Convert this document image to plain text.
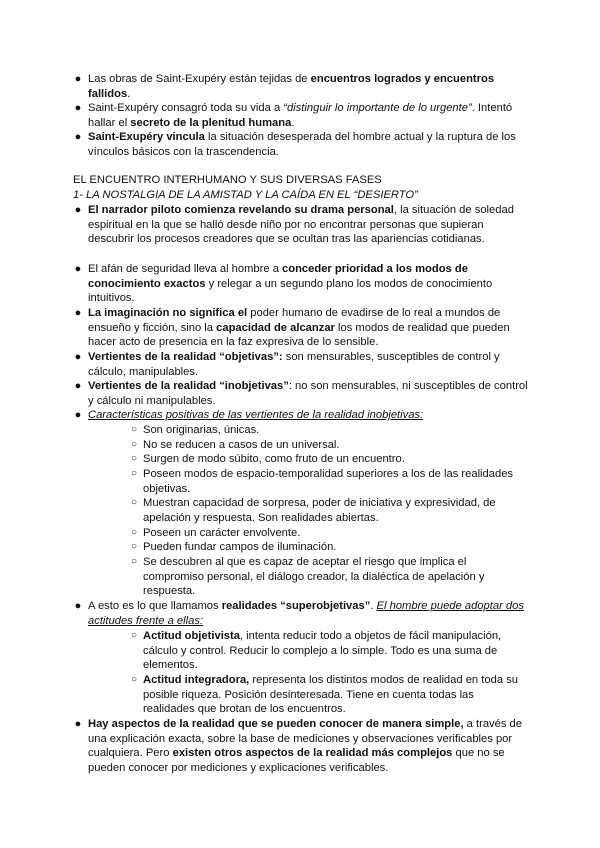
● Las obras de Saint-Exupéry están tejidas de encuentros logrados y encuentros fallidos.
● Saint-Exupéry consagró toda su vida a “distinguir lo importante de lo urgente”. Intentó hallar el secreto de la plenitud humana.
● Saint-Exupéry vincula la situación desesperada del hombre actual y la ruptura de los vínculos básicos con la trascendencia.
EL ENCUENTRO INTERHUMANO Y SUS DIVERSAS FASES
1- LA NOSTALGIA DE LA AMISTAD Y LA CAÍDA EN EL “DESIERTO”
● El narrador piloto comienza revelando su drama personal, la situación de soledad espiritual en la que se halló desde niño por no encontrar personas que supieran descubrir los procesos creadores que se ocultan tras las apariencias cotidianas.
● El afán de seguridad lleva al hombre a conceder prioridad a los modos de conocimiento exactos y relegar a un segundo plano los modos de conocimiento intuitivos.
● La imaginación no significa el poder humano de evadirse de lo real a mundos de ensueño y ficción, sino la capacidad de alcanzar los modos de realidad que pueden hacer acto de presencia en la faz expresiva de lo sensible.
● Vertientes de la realidad “objetivas”: son mensurables, susceptibles de control y cálculo, manipulables.
● Vertientes de la realidad “inobjetivas”: no son mensurables, ni susceptibles de control y cálculo ni manipulables.
● Características positivas de las vertientes de la realidad inobjetivas:
○ Son originarias, únicas.
○ No se reducen a casos de un universal.
○ Surgen de modo súbito, como fruto de un encuentro.
○ Poseen modos de espacio-temporalidad superiores a los de las realidades objetivas.
○ Muestran capacidad de sorpresa, poder de iniciativa y expresividad, de apelación y respuesta. Son realidades abiertas.
○ Poseen un carácter envolvente.
○ Pueden fundar campos de iluminación.
○ Se descubren al que es capaz de aceptar el riesgo que implica el compromiso personal, el diálogo creador, la dialéctica de apelación y respuesta.
● A esto es lo que llamamos realidades “superobjetivas”. El hombre puede adoptar dos actitudes frente a ellas:
○ Actitud objetivista, intenta reducir todo a objetos de fácil manipulación, cálculo y control. Reducir lo complejo a lo simple. Todo es una suma de elementos.
○ Actitud integradora, representa los distintos modos de realidad en toda su posible riqueza. Posición desinteresada. Tiene en cuenta todas las realidades que brotan de los encuentros.
● Hay aspectos de la realidad que se pueden conocer de manera simple, a través de una explicación exacta, sobre la base de mediciones y observaciones verificables por cualquiera. Pero existen otros aspectos de la realidad más complejos que no se pueden conocer por mediciones y explicaciones verificables.
